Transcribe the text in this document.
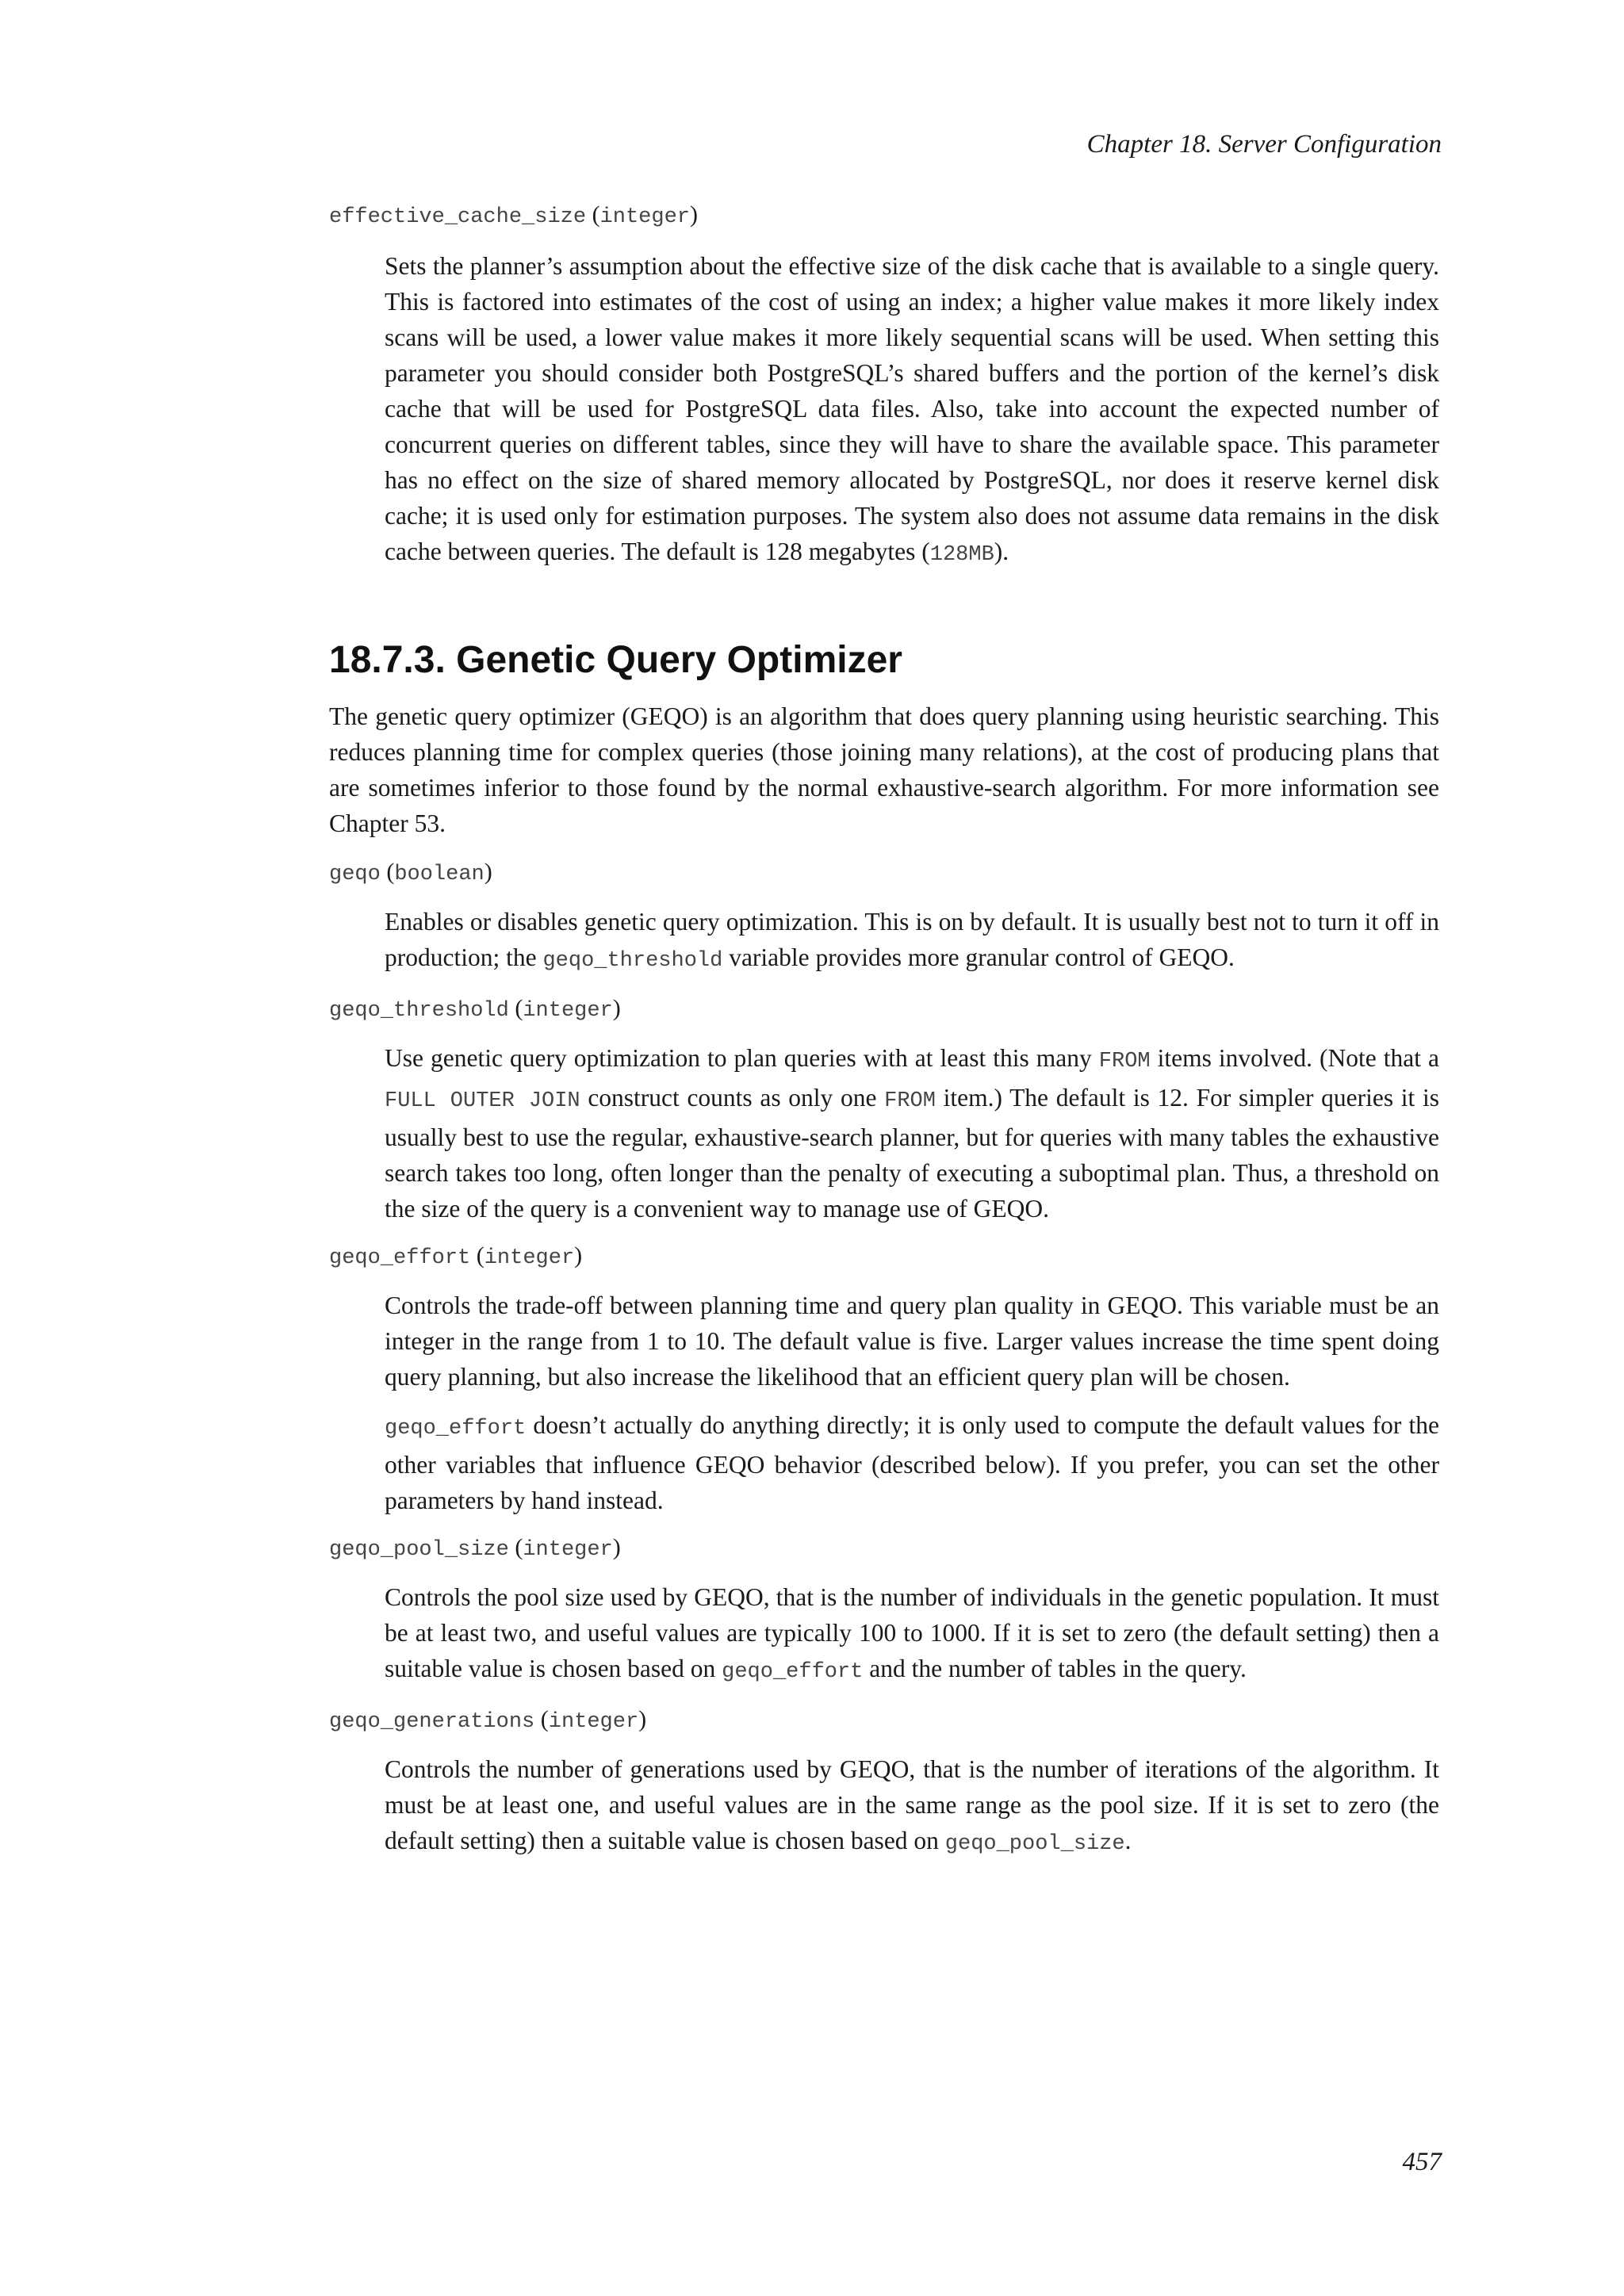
Chapter 18. Server Configuration

effective_cache_size (integer)

Sets the planner’s assumption about the effective size of the disk cache that is available to a single query. This is factored into estimates of the cost of using an index; a higher value makes it more likely index scans will be used, a lower value makes it more likely sequential scans will be used. When setting this parameter you should consider both PostgreSQL’s shared buffers and the portion of the kernel’s disk cache that will be used for PostgreSQL data files. Also, take into account the expected number of concurrent queries on different tables, since they will have to share the available space. This parameter has no effect on the size of shared memory allocated by PostgreSQL, nor does it reserve kernel disk cache; it is used only for estimation purposes. The system also does not assume data remains in the disk cache between queries. The default is 128 megabytes (128MB).

18.7.3. Genetic Query Optimizer

The genetic query optimizer (GEQO) is an algorithm that does query planning using heuristic searching. This reduces planning time for complex queries (those joining many relations), at the cost of producing plans that are sometimes inferior to those found by the normal exhaustive-search algorithm. For more information see Chapter 53.

geqo (boolean)

Enables or disables genetic query optimization. This is on by default. It is usually best not to turn it off in production; the geqo_threshold variable provides more granular control of GEQO.

geqo_threshold (integer)

Use genetic query optimization to plan queries with at least this many FROM items involved. (Note that a FULL OUTER JOIN construct counts as only one FROM item.) The default is 12. For simpler queries it is usually best to use the regular, exhaustive-search planner, but for queries with many tables the exhaustive search takes too long, often longer than the penalty of executing a suboptimal plan. Thus, a threshold on the size of the query is a convenient way to manage use of GEQO.

geqo_effort (integer)

Controls the trade-off between planning time and query plan quality in GEQO. This variable must be an integer in the range from 1 to 10. The default value is five. Larger values increase the time spent doing query planning, but also increase the likelihood that an efficient query plan will be chosen.

geqo_effort doesn’t actually do anything directly; it is only used to compute the default values for the other variables that influence GEQO behavior (described below). If you prefer, you can set the other parameters by hand instead.

geqo_pool_size (integer)

Controls the pool size used by GEQO, that is the number of individuals in the genetic population. It must be at least two, and useful values are typically 100 to 1000. If it is set to zero (the default setting) then a suitable value is chosen based on geqo_effort and the number of tables in the query.

geqo_generations (integer)

Controls the number of generations used by GEQO, that is the number of iterations of the algorithm. It must be at least one, and useful values are in the same range as the pool size. If it is set to zero (the default setting) then a suitable value is chosen based on geqo_pool_size.

457
